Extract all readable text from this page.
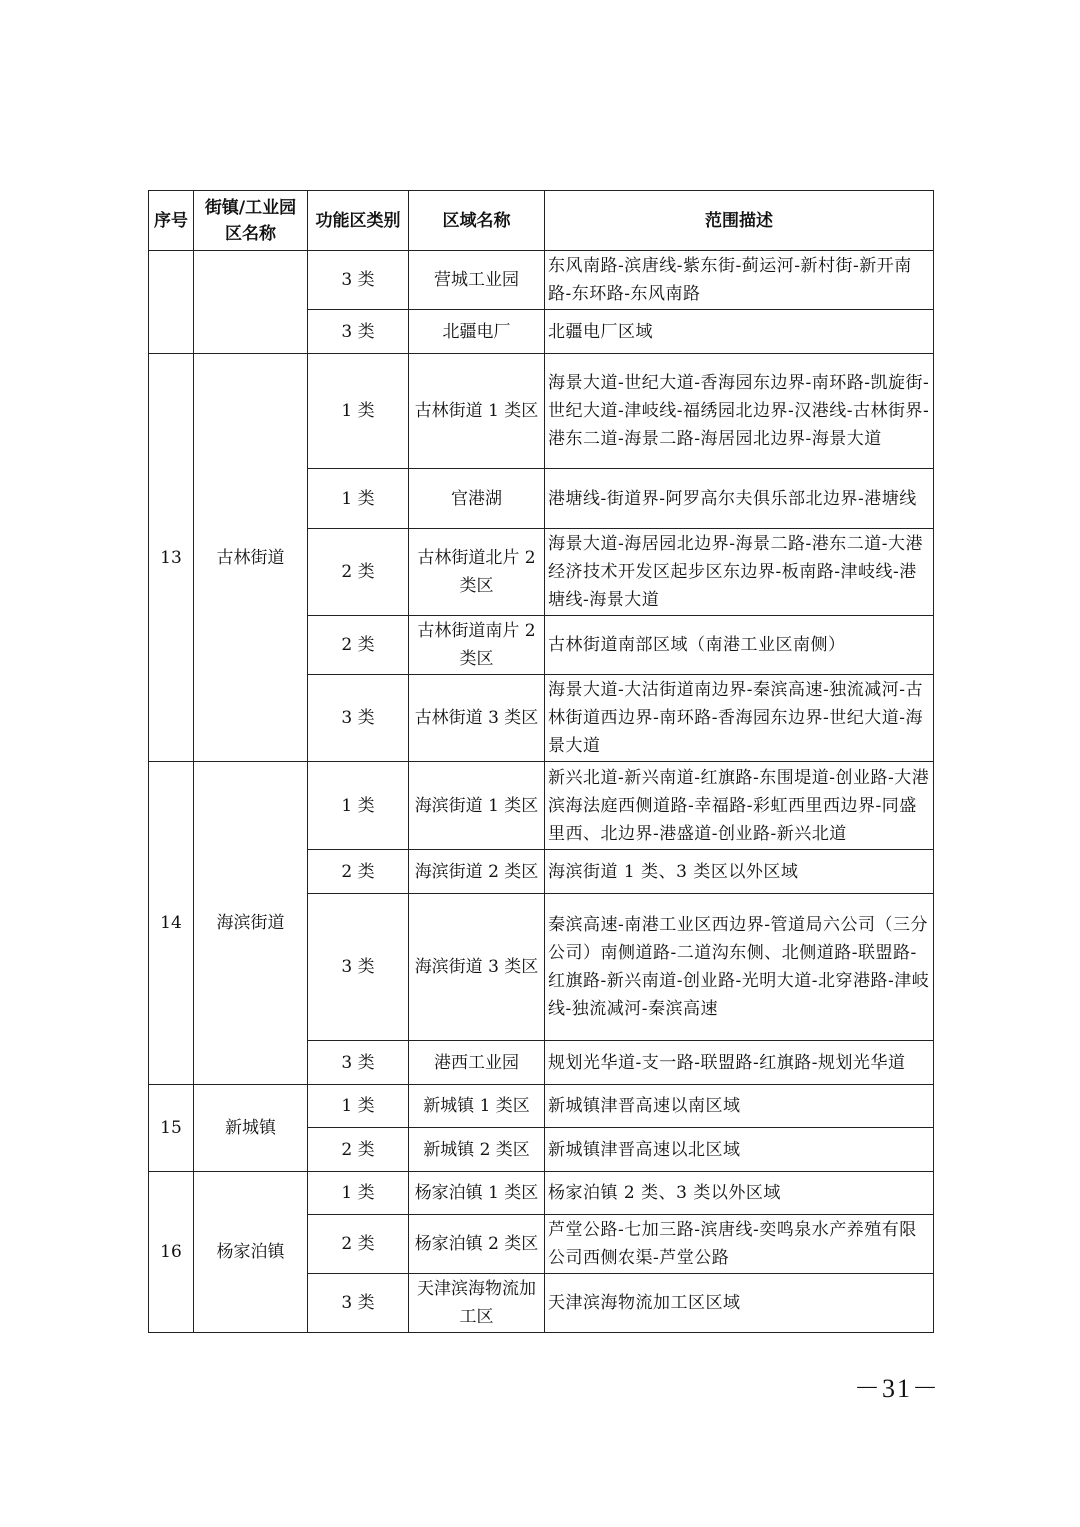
序号	街镇/工业园区名称	功能区类别	区域名称	范围描述
		3 类	营城工业园	东风南路-滨唐线-紫东街-蓟运河-新村街-新开南路-东环路-东风南路
		3 类	北疆电厂	北疆电厂区域
13	古林街道	1 类	古林街道 1 类区	海景大道-世纪大道-香海园东边界-南环路-凯旋街-世纪大道-津岐线-福绣园北边界-汉港线-古林街界-港东二道-海景二路-海居园北边界-海景大道
		1 类	官港湖	港塘线-街道界-阿罗高尔夫俱乐部北边界-港塘线
		2 类	古林街道北片 2 类区	海景大道-海居园北边界-海景二路-港东二道-大港经济技术开发区起步区东边界-板南路-津岐线-港塘线-海景大道
		2 类	古林街道南片 2 类区	古林街道南部区域（南港工业区南侧）
		3 类	古林街道 3 类区	海景大道-大沽街道南边界-秦滨高速-独流减河-古林街道西边界-南环路-香海园东边界-世纪大道-海景大道
14	海滨街道	1 类	海滨街道 1 类区	新兴北道-新兴南道-红旗路-东围堤道-创业路-大港滨海法庭西侧道路-幸福路-彩虹西里西边界-同盛里西、北边界-港盛道-创业路-新兴北道
		2 类	海滨街道 2 类区	海滨街道 1 类、3 类区以外区域
		3 类	海滨街道 3 类区	秦滨高速-南港工业区西边界-管道局六公司（三分公司）南侧道路-二道沟东侧、北侧道路-联盟路-红旗路-新兴南道-创业路-光明大道-北穿港路-津岐线-独流减河-秦滨高速
		3 类	港西工业园	规划光华道-支一路-联盟路-红旗路-规划光华道
15	新城镇	1 类	新城镇 1 类区	新城镇津晋高速以南区域
		2 类	新城镇 2 类区	新城镇津晋高速以北区域
16	杨家泊镇	1 类	杨家泊镇 1 类区	杨家泊镇 2 类、3 类以外区域
		2 类	杨家泊镇 2 类区	芦堂公路-七加三路-滨唐线-奕鸣泉水产养殖有限公司西侧农渠-芦堂公路
		3 类	天津滨海物流加工区	天津滨海物流加工区区域
－31－
